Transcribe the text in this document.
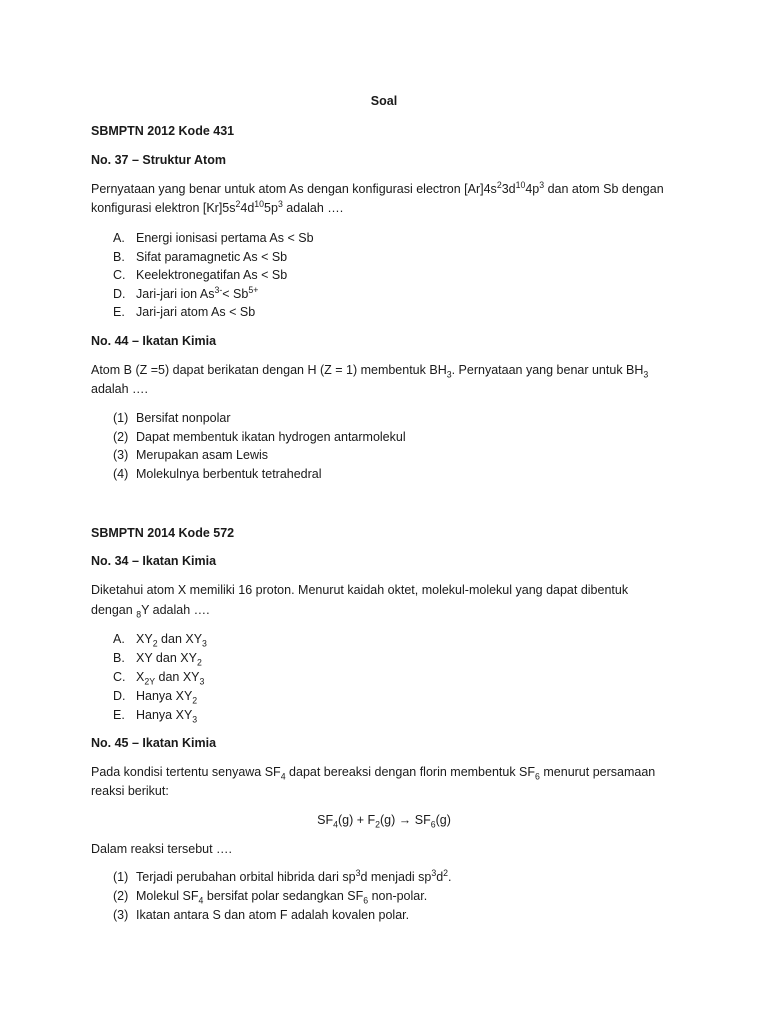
Soal
SBMPTN 2012 Kode 431
No. 37 – Struktur Atom
Pernyataan yang benar untuk atom As dengan konfigurasi electron $[Ar]4s^23d^{10}4p^3$ dan atom Sb dengan
konfigurasi elektron $[Kr]5s^24d^{10}5p^3$ adalah ….
A. Energi ionisasi pertama As < Sb
B. Sifat paramagnetic As < Sb
C. Keelektronegatifan As < Sb
D. Jari-jari ion $As^{3-}< Sb^{5+}$
E. Jari-jari atom As < Sb
No. 44 – Ikatan Kimia
Atom B (Z =5) dapat berikatan dengan H (Z = 1) membentuk $BH_3$. Pernyataan yang benar untuk $BH_3$
adalah ….
(1) Bersifat nonpolar
(2) Dapat membentuk ikatan hydrogen antarmolekul
(3) Merupakan asam Lewis
(4) Molekulnya berbentuk tetrahedral
SBMPTN 2014 Kode 572
No. 34 – Ikatan Kimia
Diketahui atom X memiliki 16 proton. Menurut kaidah oktet, molekul-molekul yang dapat dibentuk
dengan $_8$Y adalah ….
A. $XY_2$ dan $XY_3$
B. XY dan $XY_2$
C. $X_{2Y}$ dan $XY_3$
D. Hanya $XY_2$
E. Hanya $XY_3$
No. 45 – Ikatan Kimia
Pada kondisi tertentu senyawa $SF_4$ dapat bereaksi dengan florin membentuk $SF_6$ menurut persamaan
reaksi berikut:
$SF_4(g) + F_2(g) \to SF_6(g)$
Dalam reaksi tersebut ….
(1) Terjadi perubahan orbital hibrida dari $sp^3d$ menjadi $sp^3d^2$.
(2) Molekul $SF_4$ bersifat polar sedangkan $SF_6$ non-polar.
(3) Ikatan antara S dan atom F adalah kovalen polar.
